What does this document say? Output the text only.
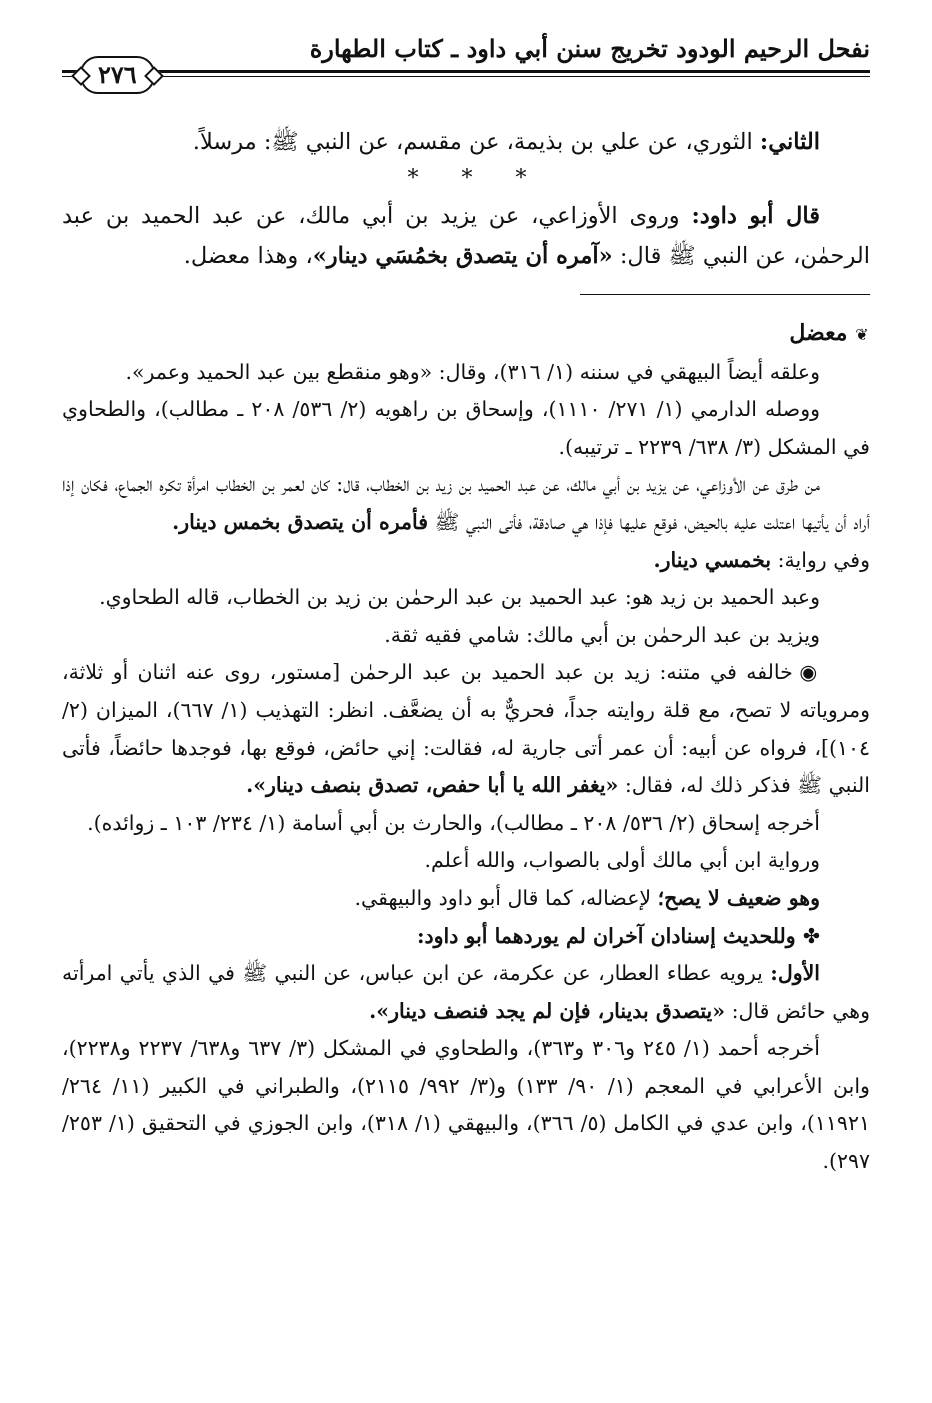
نفحل الرحيم الودود تخريج سنن أبي داود ـ كتاب الطهارة
٢٧٦

الثاني: الثوري، عن علي بن بذيمة، عن مقسم، عن النبي ﷺ: مرسلاً.

* * *

قال أبو داود: وروى الأوزاعي، عن يزيد بن أبي مالك، عن عبد الحميد بن عبد الرحمٰن، عن النبي ﷺ قال: «آمره أن يتصدق بخمُسَي دينار»، وهذا معضل.

❦ معضل

وعلقه أيضاً البيهقي في سننه (١/ ٣١٦)، وقال: «وهو منقطع بين عبد الحميد وعمر».

ووصله الدارمي (١/ ٢٧١/ ١١١٠)، وإسحاق بن راهويه (٢/ ٥٣٦/ ٢٠٨ ـ مطالب)، والطحاوي في المشكل (٣/ ٦٣٨/ ٢٢٣٩ ـ ترتيبه).

من طرق عن الأوزاعي، عن يزيد بن أبي مالك، عن عبد الحميد بن زيد بن الخطاب، قال: كان لعمر بن الخطاب امرأة تكره الجماع، فكان إذا أراد أن يأتيها اعتلت عليه بالحيض، فوقع عليها فإذا هي صادقة، فأتى النبي ﷺ فأمره أن يتصدق بخمس دينار.

وفي رواية: بخمسي دينار.

وعبد الحميد بن زيد هو: عبد الحميد بن عبد الرحمٰن بن زيد بن الخطاب، قاله الطحاوي.

ويزيد بن عبد الرحمٰن بن أبي مالك: شامي فقيه ثقة.

◉ خالفه في متنه: زيد بن عبد الحميد بن عبد الرحمٰن [مستور، روى عنه اثنان أو ثلاثة، ومروياته لا تصح، مع قلة روايته جداً، فحريٌّ به أن يضعَّف. انظر: التهذيب (١/ ٦٦٧)، الميزان (٢/ ١٠٤)]، فرواه عن أبيه: أن عمر أتى جارية له، فقالت: إني حائض، فوقع بها، فوجدها حائضاً، فأتى النبي ﷺ فذكر ذلك له، فقال: «يغفر الله يا أبا حفص، تصدق بنصف دينار».

أخرجه إسحاق (٢/ ٥٣٦/ ٢٠٨ ـ مطالب)، والحارث بن أبي أسامة (١/ ٢٣٤/ ١٠٣ ـ زوائده).

ورواية ابن أبي مالك أولى بالصواب، والله أعلم.

وهو ضعيف لا يصح؛ لإعضاله، كما قال أبو داود والبيهقي.

✤ وللحديث إسنادان آخران لم يوردهما أبو داود:

الأول: يرويه عطاء العطار، عن عكرمة، عن ابن عباس، عن النبي ﷺ في الذي يأتي امرأته وهي حائض قال: «يتصدق بدينار، فإن لم يجد فنصف دينار».

أخرجه أحمد (١/ ٢٤٥ و٣٠٦ و٣٦٣)، والطحاوي في المشكل (٣/ ٦٣٧ و٦٣٨/ ٢٢٣٧ و٢٢٣٨)، وابن الأعرابي في المعجم (١/ ٩٠/ ١٣٣) و(٣/ ٩٩٢/ ٢١١٥)، والطبراني في الكبير (١١/ ٢٦٤/ ١١٩٢١)، وابن عدي في الكامل (٥/ ٣٦٦)، والبيهقي (١/ ٣١٨)، وابن الجوزي في التحقيق (١/ ٢٥٣/ ٢٩٧).
